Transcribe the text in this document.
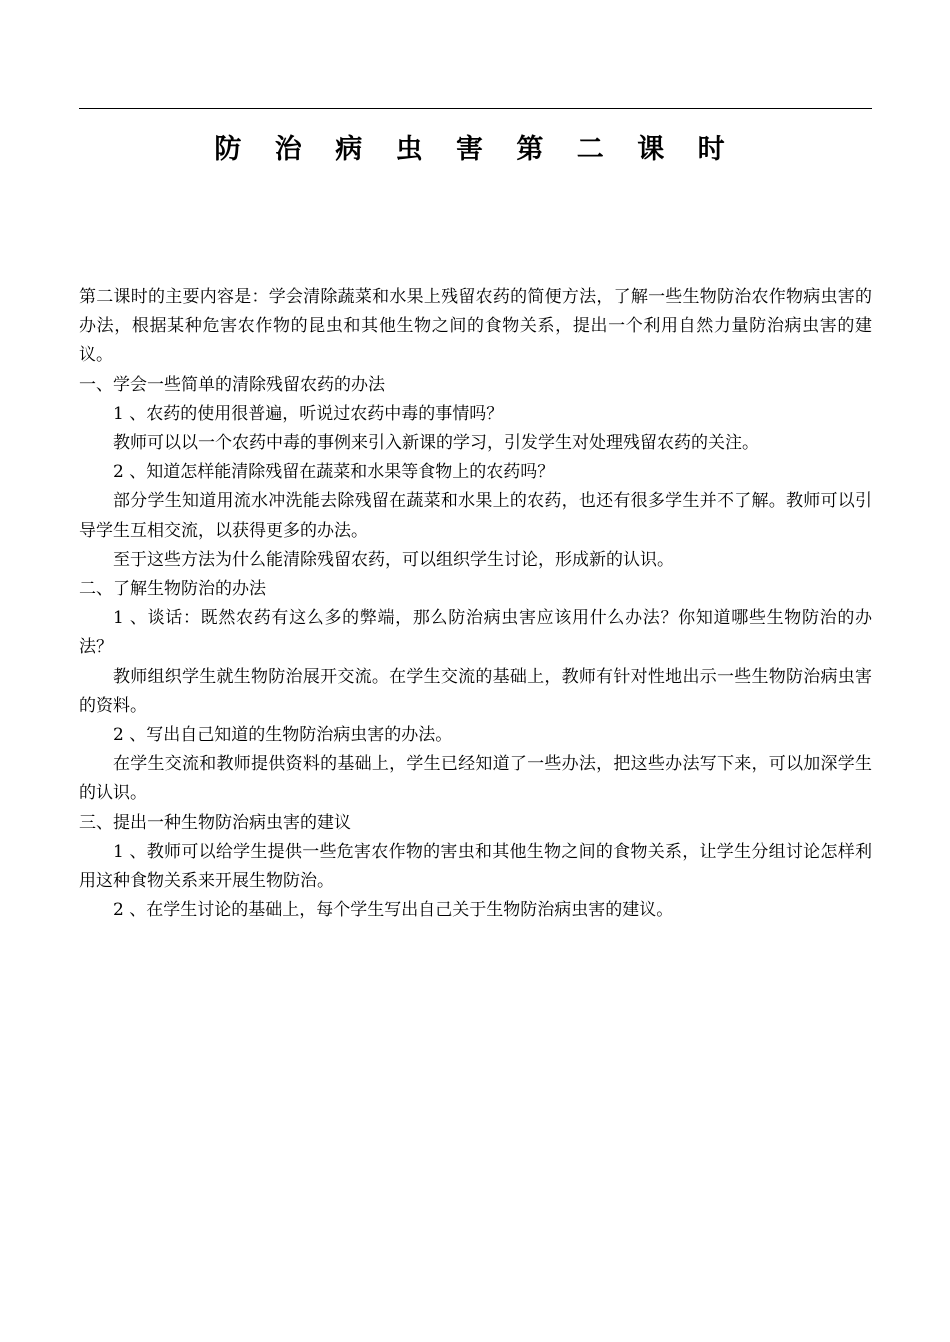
防 治 病 虫 害 第 二 课 时

第二课时的主要内容是：学会清除蔬菜和水果上残留农药的简便方法，了解一些生物防治农作物病虫害的办法，根据某种危害农作物的昆虫和其他生物之间的食物关系，提出一个利用自然力量防治病虫害的建议。

一、学会一些简单的清除残留农药的办法

1 、农药的使用很普遍，听说过农药中毒的事情吗？

教师可以以一个农药中毒的事例来引入新课的学习，引发学生对处理残留农药的关注。

2 、知道怎样能清除残留在蔬菜和水果等食物上的农药吗？

部分学生知道用流水冲洗能去除残留在蔬菜和水果上的农药，也还有很多学生并不了解。教师可以引导学生互相交流，以获得更多的办法。

至于这些方法为什么能清除残留农药，可以组织学生讨论，形成新的认识。

二、了解生物防治的办法

1 、谈话：既然农药有这么多的弊端，那么防治病虫害应该用什么办法？你知道哪些生物防治的办法？

教师组织学生就生物防治展开交流。在学生交流的基础上，教师有针对性地出示一些生物防治病虫害的资料。

2 、写出自己知道的生物防治病虫害的办法。

在学生交流和教师提供资料的基础上，学生已经知道了一些办法，把这些办法写下来，可以加深学生的认识。

三、提出一种生物防治病虫害的建议

1 、教师可以给学生提供一些危害农作物的害虫和其他生物之间的食物关系，让学生分组讨论怎样利用这种食物关系来开展生物防治。

2 、在学生讨论的基础上，每个学生写出自己关于生物防治病虫害的建议。
